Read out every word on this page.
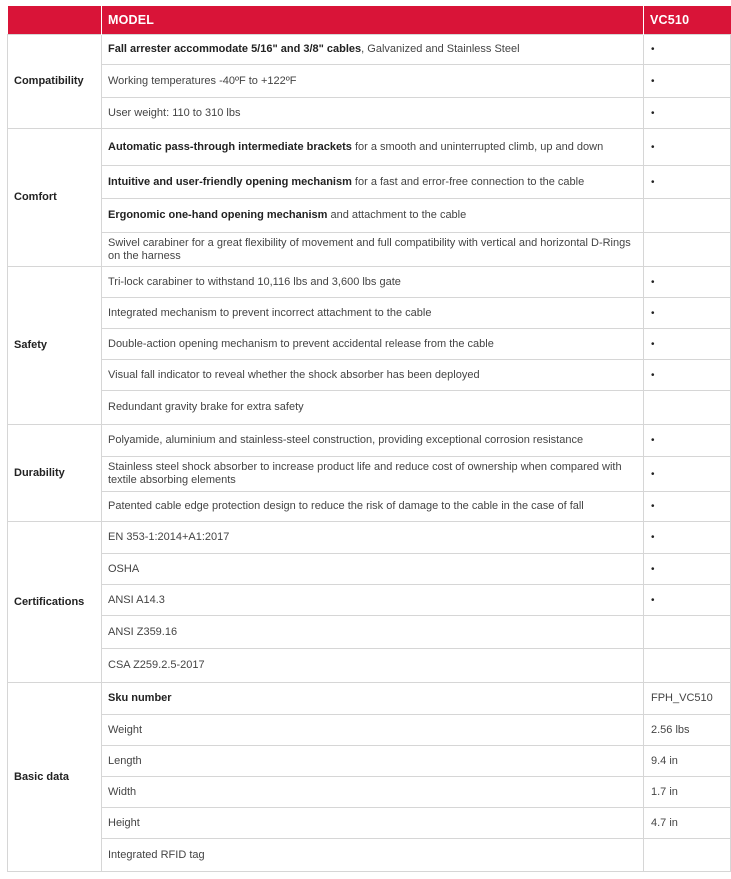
	MODEL	VC510
Compatibility	Fall arrester accommodate 5/16" and 3/8" cables, Galvanized and Stainless Steel	•
	Working temperatures -40ºF to +122ºF	•
	User weight: 110 to 310 lbs	•
Comfort	Automatic pass-through intermediate brackets for a smooth and uninterrupted climb, up and down	•
	Intuitive and user-friendly opening mechanism for a fast and error-free connection to the cable	•
	Ergonomic one-hand opening mechanism and attachment to the cable	
	Swivel carabiner for a great flexibility of movement and full compatibility with vertical and horizontal D-Rings on the harness	
Safety	Tri-lock carabiner to withstand 10,116 lbs and 3,600 lbs gate	•
	Integrated mechanism to prevent incorrect attachment to the cable	•
	Double-action opening mechanism to prevent accidental release from the cable	•
	Visual fall indicator to reveal whether the shock absorber has been deployed	•
	Redundant gravity brake for extra safety	
Durability	Polyamide, aluminium and stainless-steel construction, providing exceptional corrosion resistance	•
	Stainless steel shock absorber to increase product life and reduce cost of ownership when compared with textile absorbing elements	•
	Patented cable edge protection design to reduce the risk of damage to the cable in the case of fall	•
Certifications	EN 353-1:2014+A1:2017	•
	OSHA	•
	ANSI A14.3	•
	ANSI Z359.16	
	CSA Z259.2.5-2017	
Basic data	Sku number	FPH_VC510
	Weight	2.56 lbs
	Length	9.4 in
	Width	1.7 in
	Height	4.7 in
	Integrated RFID tag	
